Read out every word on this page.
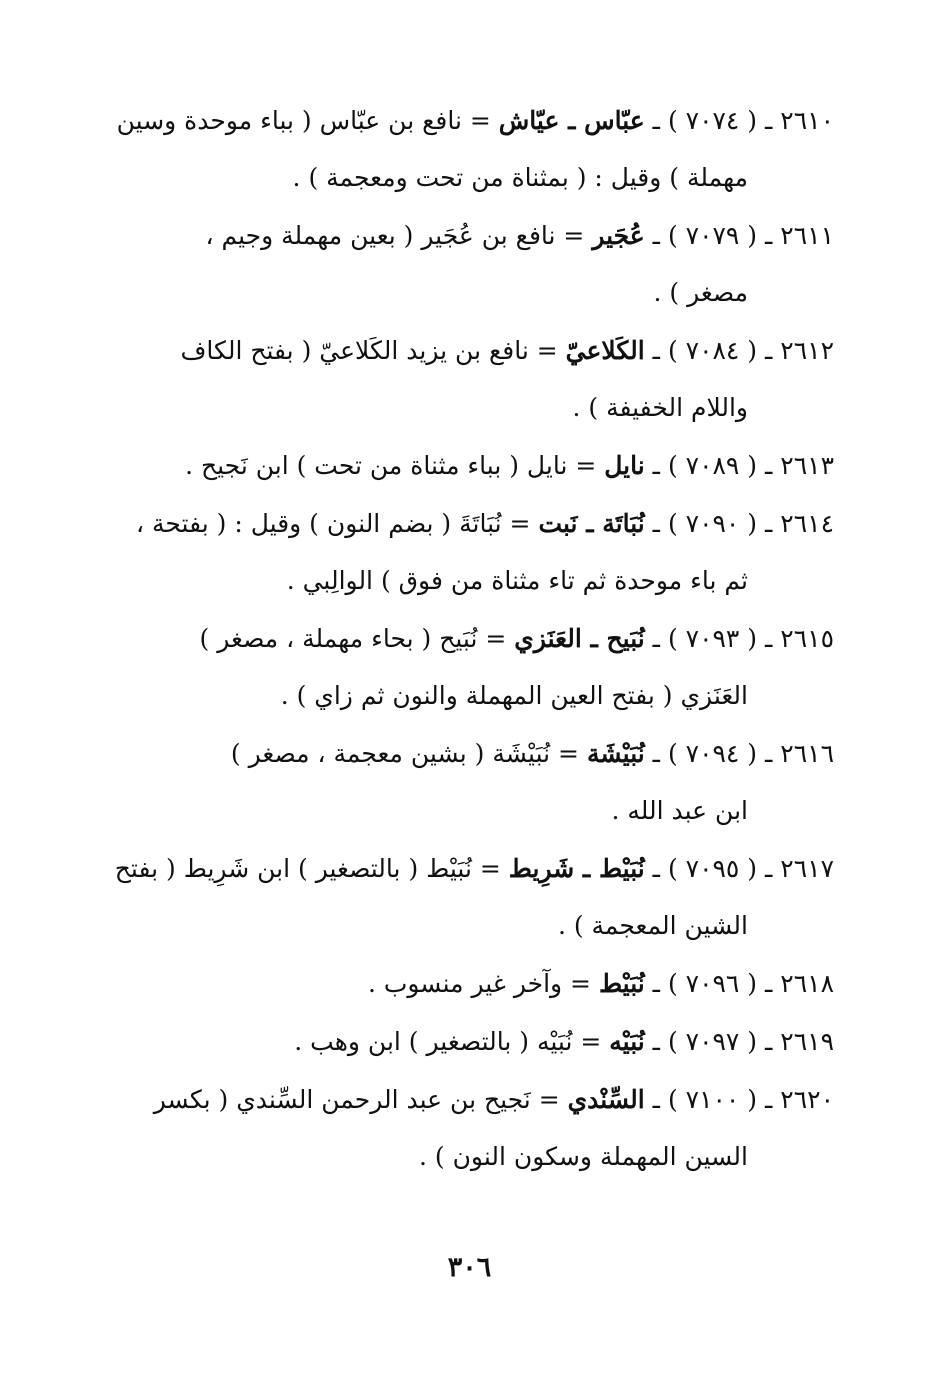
٢٦١٠ ـ ( ٧٠٧٤ ) ـ عبّاس ـ عيّاش = نافع بن عبّاس ( بباء موحدة وسين
مهملة ) وقيل : ( بمثناة من تحت ومعجمة ) .
٢٦١١ ـ ( ٧٠٧٩ ) ـ عُجَير = نافع بن عُجَير ( بعين مهملة وجيم ،
مصغر ) .
٢٦١٢ ـ ( ٧٠٨٤ ) ـ الكَلاعيّ = نافع بن يزيد الكَلاعيّ ( بفتح الكاف
واللام الخفيفة ) .
٢٦١٣ ـ ( ٧٠٨٩ ) ـ نايل = نايل ( بباء مثناة من تحت ) ابن نَجيح .
٢٦١٤ ـ ( ٧٠٩٠ ) ـ نُبَاتَة ـ نَبت = نُبَاتَةَ ( بضم النون ) وقيل : ( بفتحة ،
ثم باء موحدة ثم تاء مثناة من فوق ) الوالِبي .
٢٦١٥ ـ ( ٧٠٩٣ ) ـ نُبَيح ـ العَنَزي = نُبَيح ( بحاء مهملة ، مصغر )
العَنَزي ( بفتح العين المهملة والنون ثم زاي ) .
٢٦١٦ ـ ( ٧٠٩٤ ) ـ نُبَيْشَة = نُبَيْشَة ( بشين معجمة ، مصغر )
ابن عبد الله .
٢٦١٧ ـ ( ٧٠٩٥ ) ـ نُبَيْط ـ شَرِيط = نُبَيْط ( بالتصغير ) ابن شَرِيط ( بفتح
الشين المعجمة ) .
٢٦١٨ ـ ( ٧٠٩٦ ) ـ نُبَيْط = وآخر غير منسوب .
٢٦١٩ ـ ( ٧٠٩٧ ) ـ نُبَيْه = نُبَيْه ( بالتصغير ) ابن وهب .
٢٦٢٠ ـ ( ٧١٠٠ ) ـ السِّنْدي = نَجيح بن عبد الرحمن السِّندي ( بكسر
السين المهملة وسكون النون ) .
٣٠٦
